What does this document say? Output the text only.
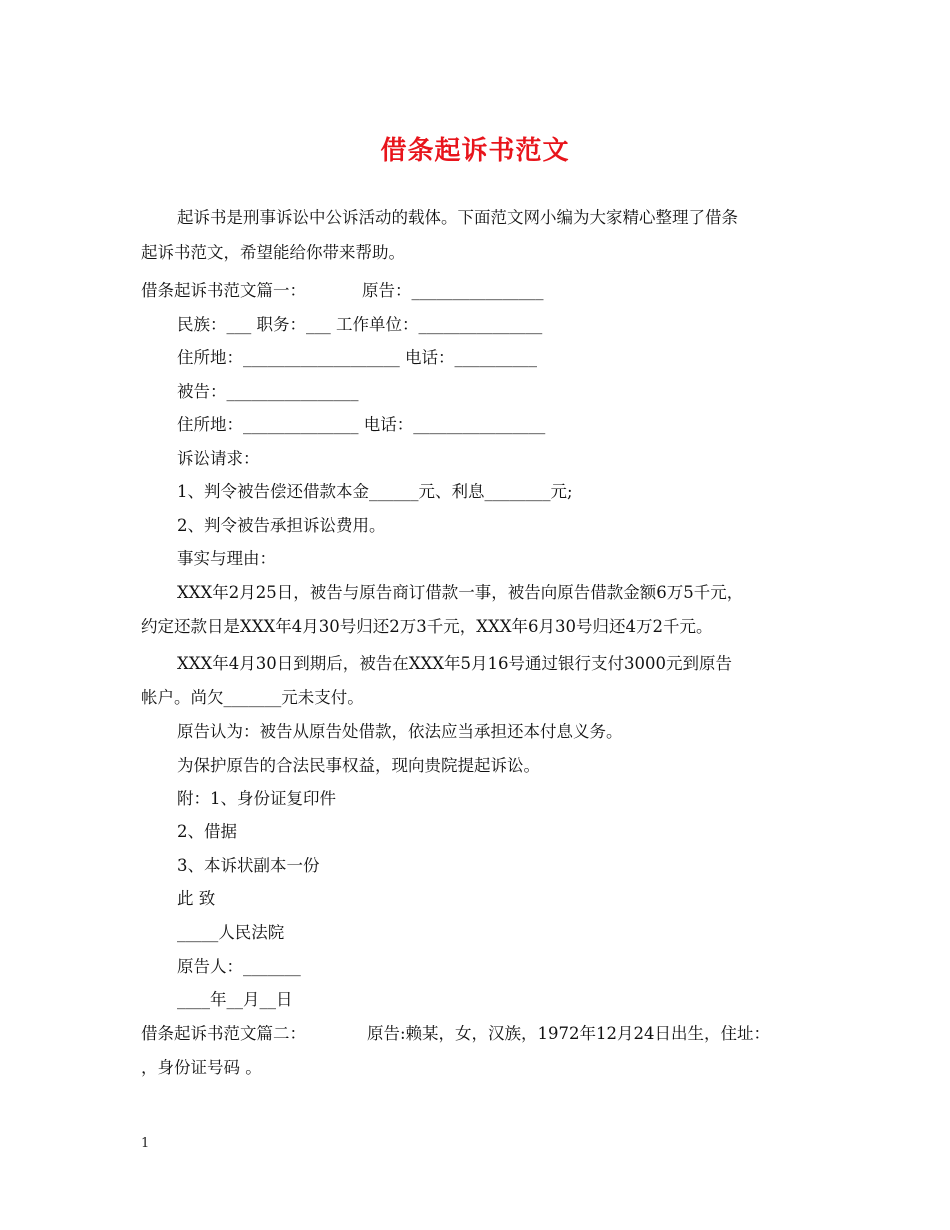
借条起诉书范文
起诉书是刑事诉讼中公诉活动的载体。下面范文网小编为大家精心整理了借条
起诉书范文，希望能给你带来帮助。
借条起诉书范文篇一：	原告：________________
民族：___ 职务：___ 工作单位：_______________
住所地：___________________ 电话：__________
被告：________________
住所地：______________ 电话：________________
诉讼请求：
1、判令被告偿还借款本金______元、利息________元;
2、判令被告承担诉讼费用。
事实与理由：
XXX年2月25日，被告与原告商订借款一事，被告向原告借款金额6万5千元，
约定还款日是XXX年4月30号归还2万3千元，XXX年6月30号归还4万2千元。
XXX年4月30日到期后，被告在XXX年5月16号通过银行支付3000元到原告
帐户。尚欠_______元未支付。
原告认为：被告从原告处借款，依法应当承担还本付息义务。
为保护原告的合法民事权益，现向贵院提起诉讼。
附：1、身份证复印件
2、借据
3、本诉状副本一份
此 致
_____人民法院
原告人：_______
____年__月__日
借条起诉书范文篇二：	原告:赖某，女，汉族，1972年12月24日出生，住址：
，身份证号码 。
1
